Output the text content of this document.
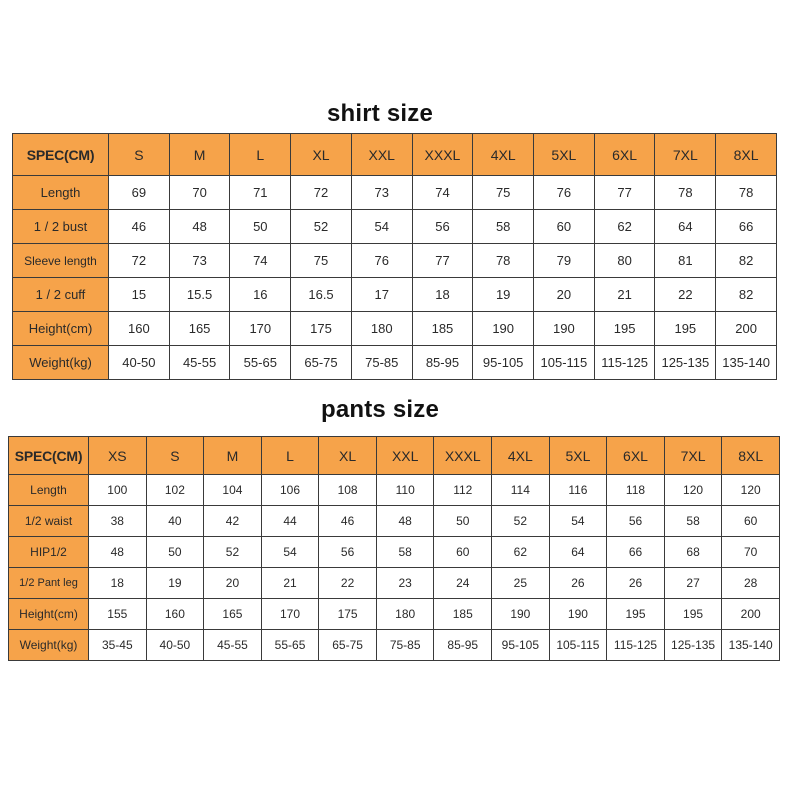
shirt size
SPEC(CM)	S	M	L	XL	XXL	XXXL	4XL	5XL	6XL	7XL	8XL
Length	69	70	71	72	73	74	75	76	77	78	78
1 / 2 bust	46	48	50	52	54	56	58	60	62	64	66
Sleeve length	72	73	74	75	76	77	78	79	80	81	82
1 / 2 cuff	15	15.5	16	16.5	17	18	19	20	21	22	82
Height(cm)	160	165	170	175	180	185	190	190	195	195	200
Weight(kg)	40-50	45-55	55-65	65-75	75-85	85-95	95-105	105-115	115-125	125-135	135-140
pants size
SPEC(CM)	XS	S	M	L	XL	XXL	XXXL	4XL	5XL	6XL	7XL	8XL
Length	100	102	104	106	108	110	112	114	116	118	120	120
1/2 waist	38	40	42	44	46	48	50	52	54	56	58	60
HIP1/2	48	50	52	54	56	58	60	62	64	66	68	70
1/2 Pant leg	18	19	20	21	22	23	24	25	26	26	27	28
Height(cm)	155	160	165	170	175	180	185	190	190	195	195	200
Weight(kg)	35-45	40-50	45-55	55-65	65-75	75-85	85-95	95-105	105-115	115-125	125-135	135-140
